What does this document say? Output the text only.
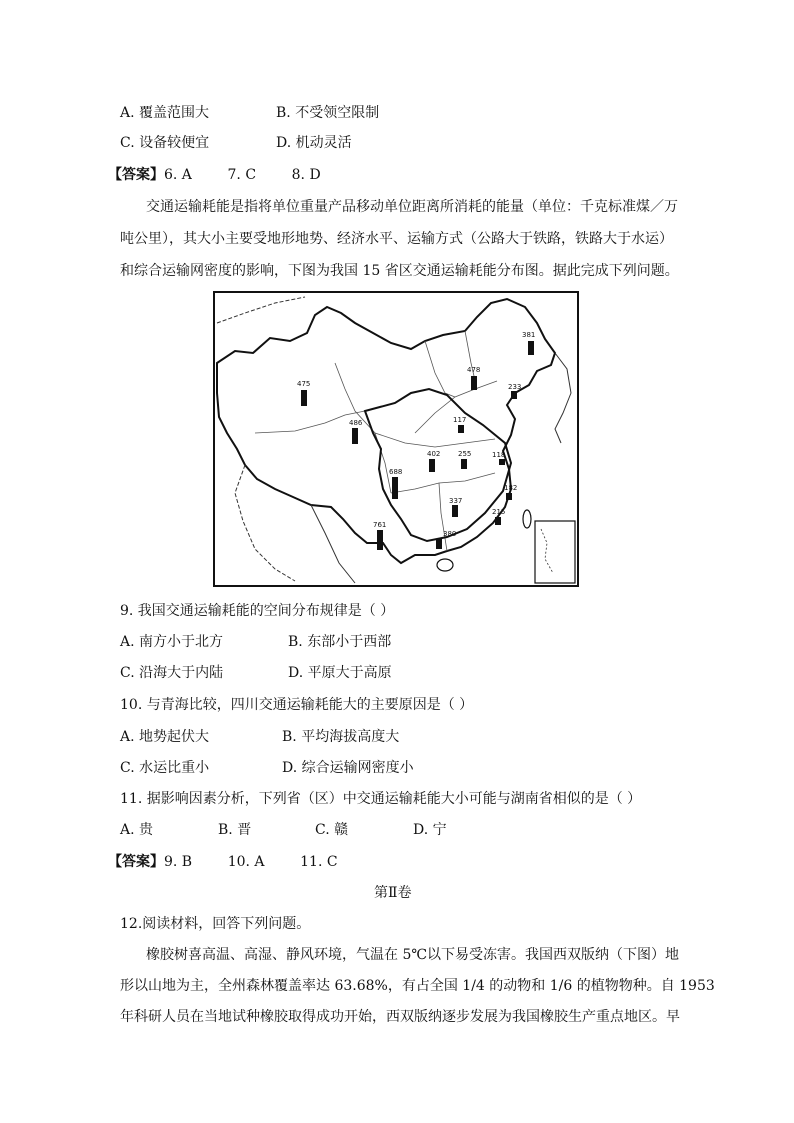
A. 覆盖范围大	B. 不受领空限制
C. 设备较便宜	D. 机动灵活
【答案】6. A        7. C        8. D
交通运输耗能是指将单位重量产品移动单位距离所消耗的能量（单位：千克标准煤／万
吨公里），其大小主要受地形地势、经济水平、运输方式（公路大于铁路，铁路大于水运）
和综合运输网密度的影响，下图为我国 15 省区交通运输耗能分布图。据此完成下列问题。
381
478
233
475
117
486
402	255	118
688
182
337
215
761
380
9. 我国交通运输耗能的空间分布规律是（ ）
A. 南方小于北方	B. 东部小于西部
C. 沿海大于内陆	D. 平原大于高原
10. 与青海比较，四川交通运输耗能大的主要原因是（ ）
A. 地势起伏大	B. 平均海拔高度大
C. 水运比重小	D. 综合运输网密度小
11. 据影响因素分析，下列省（区）中交通运输耗能大小可能与湖南省相似的是（ ）
A. 贵	B. 晋	C. 赣	D. 宁
【答案】9. B        10. A        11. C
第Ⅱ卷
12.阅读材料，回答下列问题。
橡胶树喜高温、高湿、静风环境，气温在 5℃以下易受冻害。我国西双版纳（下图）地
形以山地为主，全州森林覆盖率达 63.68%，有占全国 1/4 的动物和 1/6 的植物物种。自 1953
年科研人员在当地试种橡胶取得成功开始，西双版纳逐步发展为我国橡胶生产重点地区。早
